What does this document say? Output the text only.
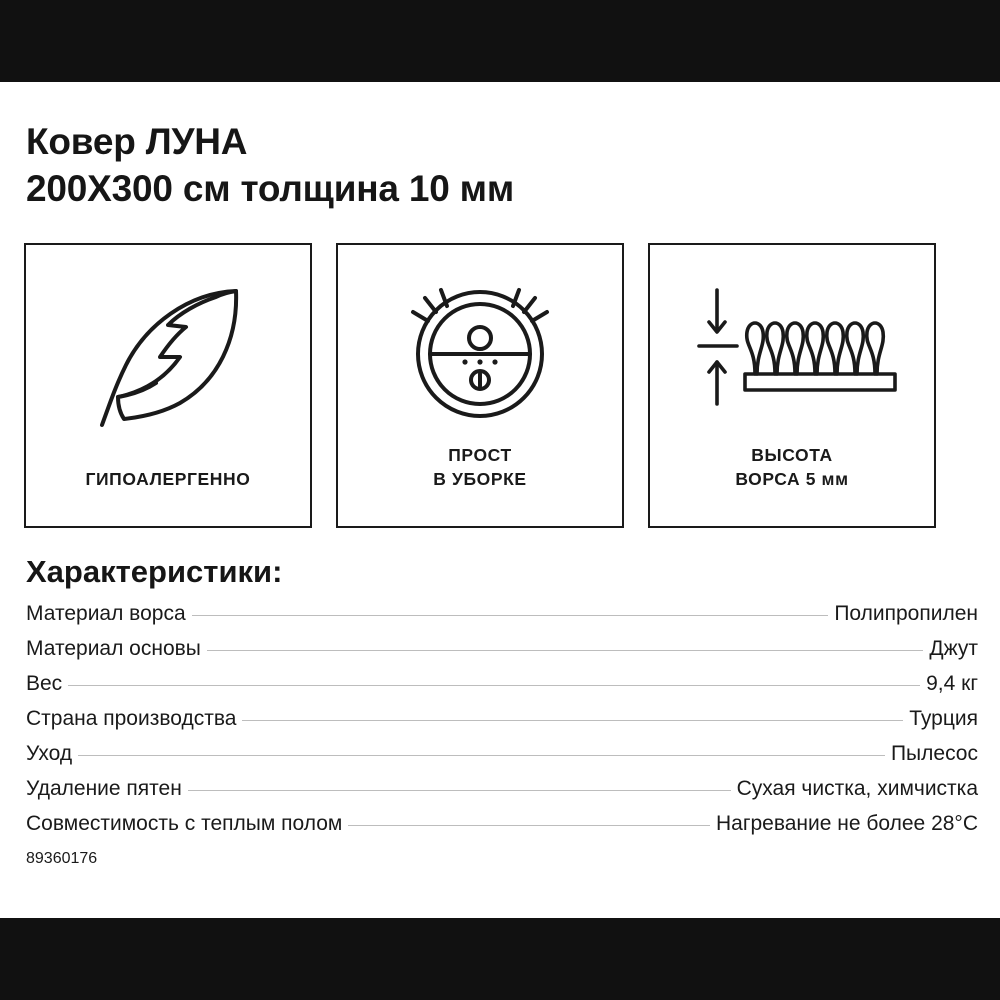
Ковер ЛУНА
200X300 см толщина 10 мм
ГИПОАЛЕРГЕННО
ПРОСТ
В УБОРКЕ
ВЫСОТА
ВОРСА 5 мм
Характеристики:
Материал ворса	Полипропилен
Материал основы	Джут
Вес	9,4 кг
Страна производства	Турция
Уход	Пылесос
Удаление пятен	Сухая чистка, химчистка
Совместимость с теплым полом	Нагревание не более 28°C
89360176
